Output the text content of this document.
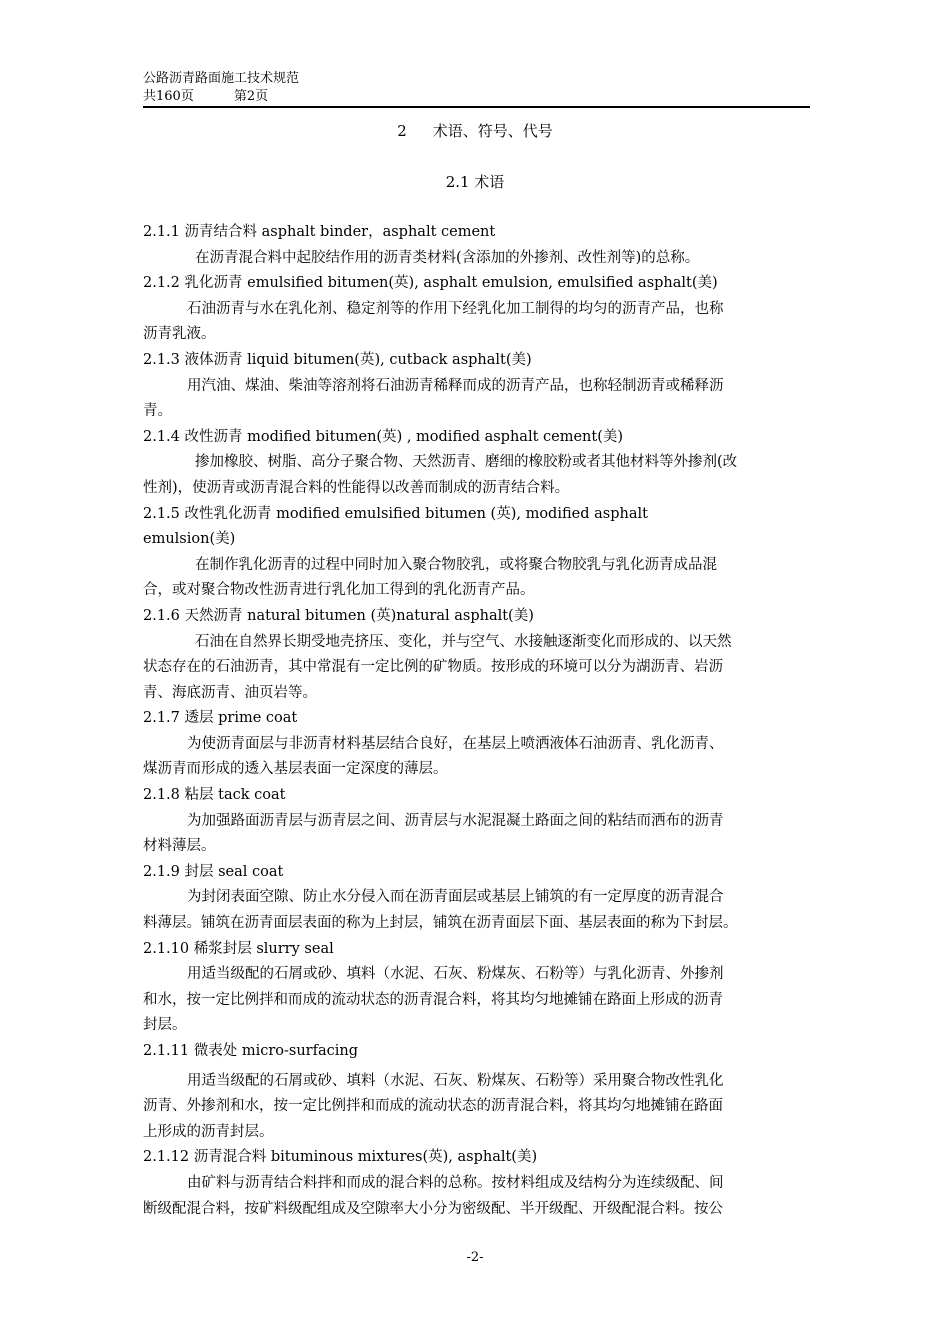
公路沥青路面施工技术规范
共160页	第2页
2 术语、符号、代号
2.1 术语
2.1.1 沥青结合料 asphalt binder，asphalt cement
在沥青混合料中起胶结作用的沥青类材料(含添加的外掺剂、改性剂等)的总称。
2.1.2 乳化沥青 emulsified bitumen(英), asphalt emulsion, emulsified asphalt(美)
石油沥青与水在乳化剂、稳定剂等的作用下经乳化加工制得的均匀的沥青产品，也称
沥青乳液。
2.1.3 液体沥青 liquid bitumen(英), cutback asphalt(美)
用汽油、煤油、柴油等溶剂将石油沥青稀释而成的沥青产品，也称轻制沥青或稀释沥
青。
2.1.4 改性沥青 modified bitumen(英) , modified asphalt cement(美)
掺加橡胶、树脂、高分子聚合物、天然沥青、磨细的橡胶粉或者其他材料等外掺剂(改
性剂)，使沥青或沥青混合料的性能得以改善而制成的沥青结合料。
2.1.5 改性乳化沥青 modified emulsified bitumen (英), modified asphalt
emulsion(美)
在制作乳化沥青的过程中同时加入聚合物胶乳，或将聚合物胶乳与乳化沥青成品混
合，或对聚合物改性沥青进行乳化加工得到的乳化沥青产品。
2.1.6 天然沥青 natural bitumen (英)natural asphalt(美)
石油在自然界长期受地壳挤压、变化，并与空气、水接触逐渐变化而形成的、以天然
状态存在的石油沥青，其中常混有一定比例的矿物质。按形成的环境可以分为湖沥青、岩沥
青、海底沥青、油页岩等。
2.1.7 透层 prime coat
为使沥青面层与非沥青材料基层结合良好，在基层上喷洒液体石油沥青、乳化沥青、
煤沥青而形成的透入基层表面一定深度的薄层。
2.1.8 粘层 tack coat
为加强路面沥青层与沥青层之间、沥青层与水泥混凝土路面之间的粘结而洒布的沥青
材料薄层。
2.1.9 封层 seal coat
为封闭表面空隙、防止水分侵入而在沥青面层或基层上铺筑的有一定厚度的沥青混合
料薄层。铺筑在沥青面层表面的称为上封层，铺筑在沥青面层下面、基层表面的称为下封层。
2.1.10 稀浆封层 slurry seal
用适当级配的石屑或砂、填料（水泥、石灰、粉煤灰、石粉等）与乳化沥青、外掺剂
和水，按一定比例拌和而成的流动状态的沥青混合料，将其均匀地摊铺在路面上形成的沥青
封层。
2.1.11 微表处 micro-surfacing
用适当级配的石屑或砂、填料（水泥、石灰、粉煤灰、石粉等）采用聚合物改性乳化
沥青、外掺剂和水，按一定比例拌和而成的流动状态的沥青混合料，将其均匀地摊铺在路面
上形成的沥青封层。
2.1.12 沥青混合料 bituminous mixtures(英), asphalt(美)
由矿料与沥青结合料拌和而成的混合料的总称。按材料组成及结构分为连续级配、间
断级配混合料，按矿料级配组成及空隙率大小分为密级配、半开级配、开级配混合料。按公
-2-
